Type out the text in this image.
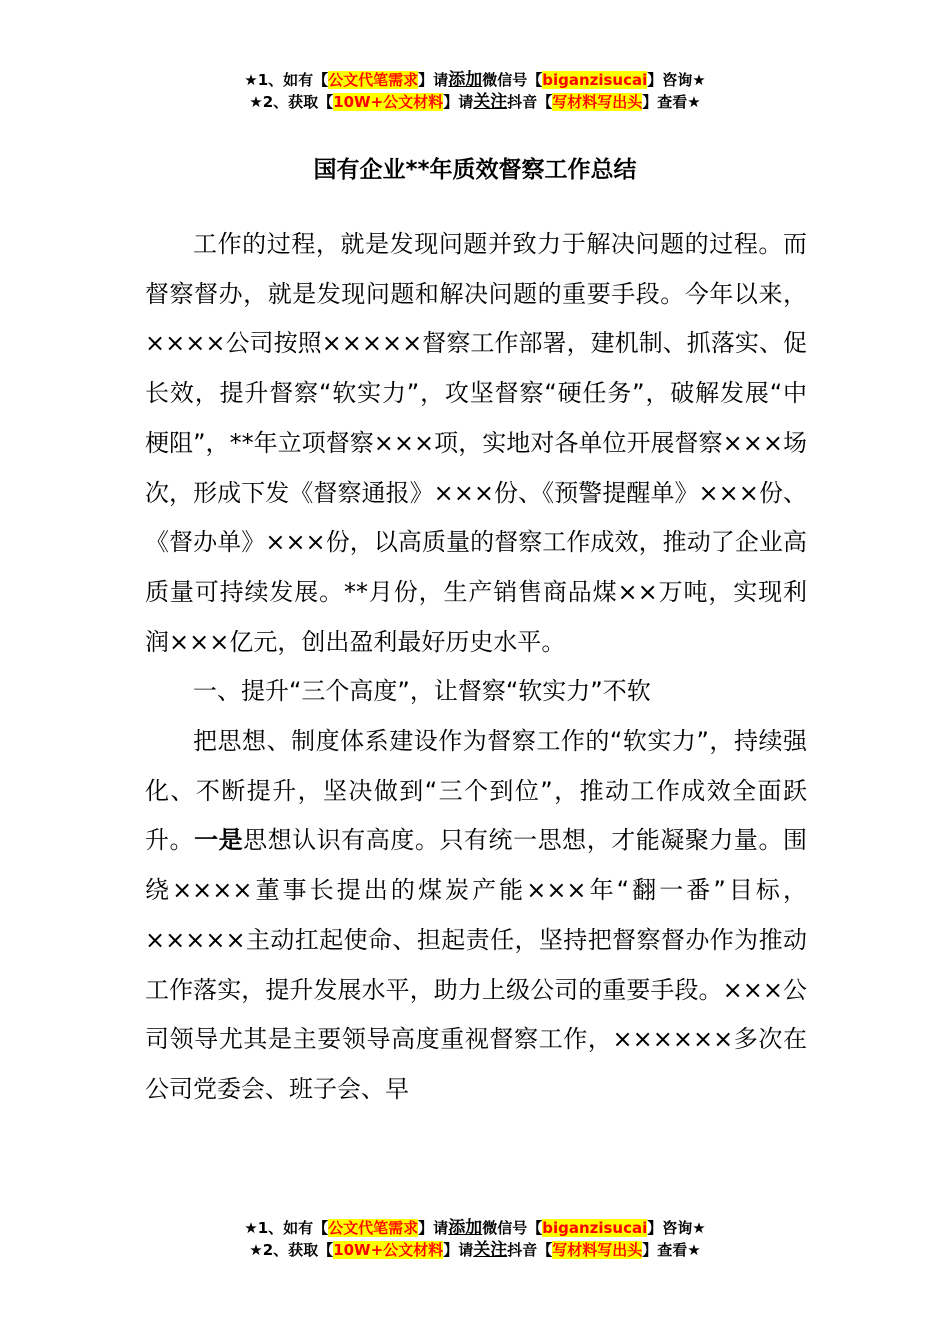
★1、如有【公文代笔需求】请添加微信号【biganzisucai】咨询★
★2、获取【10W+公文材料】请关注抖音【写材料写出头】查看★
国有企业**年质效督察工作总结

工作的过程，就是发现问题并致力于解决问题的过程。而督察督办，就是发现问题和解决问题的重要手段。今年以来，××××公司按照×××××督察工作部署，建机制、抓落实、促长效，提升督察“软实力”，攻坚督察“硬任务”，破解发展“中梗阻”，**年立项督察×××项，实地对各单位开展督察×××场次，形成下发《督察通报》×××份、《预警提醒单》×××份、《督办单》×××份，以高质量的督察工作成效，推动了企业高质量可持续发展。**月份，生产销售商品煤××万吨，实现利润×××亿元，创出盈利最好历史水平。

一、提升“三个高度”，让督察“软实力”不软

把思想、制度体系建设作为督察工作的“软实力”，持续强化、不断提升，坚决做到“三个到位”，推动工作成效全面跃升。一是思想认识有高度。只有统一思想，才能凝聚力量。围绕××××董事长提出的煤炭产能×××年“翻一番”目标，×××××主动扛起使命、担起责任，坚持把督察督办作为推动工作落实，提升发展水平，助力上级公司的重要手段。×××公司领导尤其是主要领导高度重视督察工作，××××××多次在公司党委会、班子会、早

★1、如有【公文代笔需求】请添加微信号【biganzisucai】咨询★
★2、获取【10W+公文材料】请关注抖音【写材料写出头】查看★
